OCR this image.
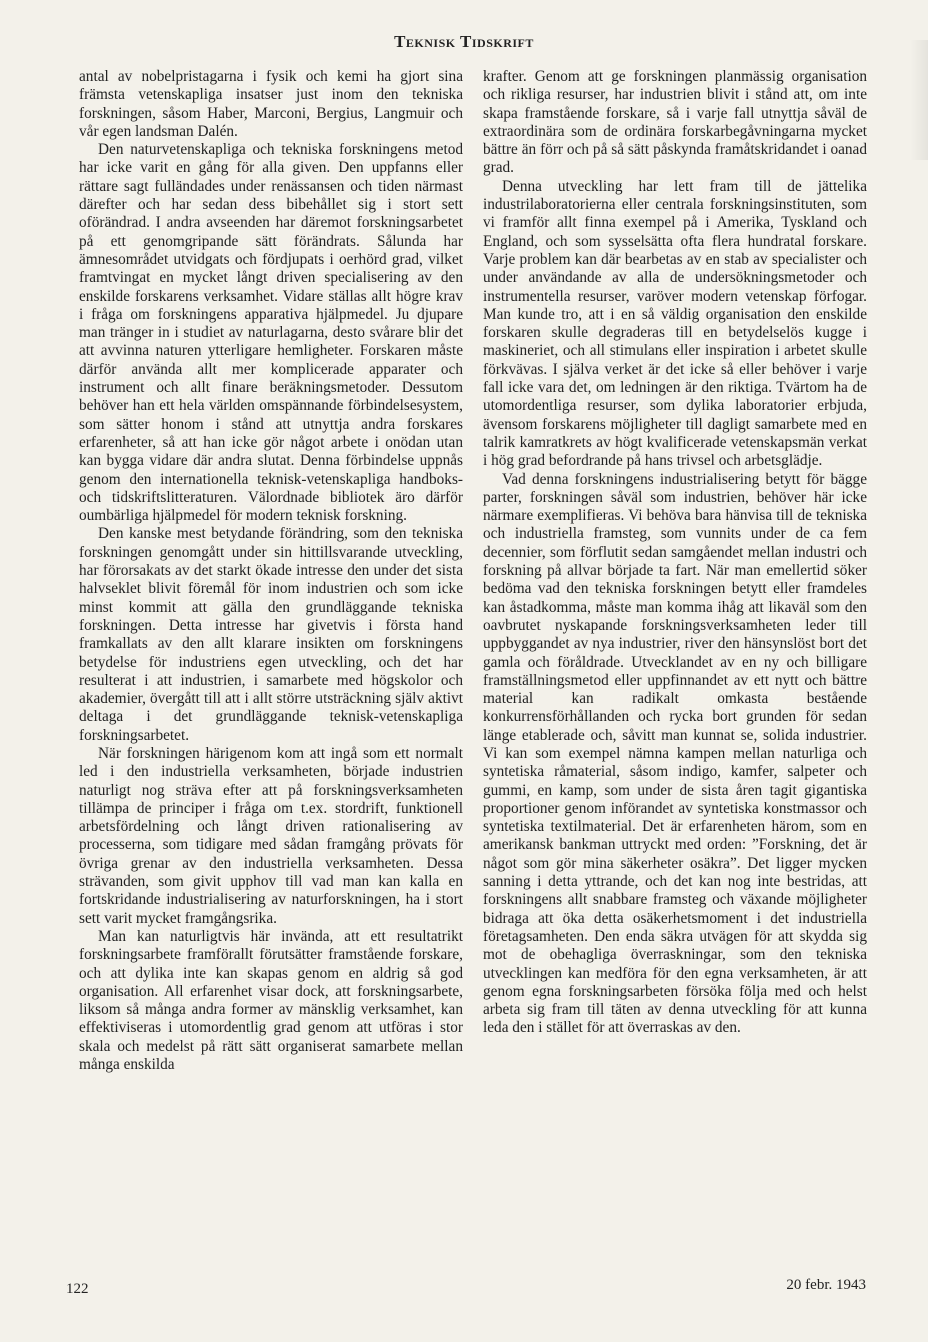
Teknisk Tidskrift

antal av nobelpristagarna i fysik och kemi ha gjort sina främsta vetenskapliga insatser just inom den tekniska forskningen, såsom Haber, Marconi, Bergius, Langmuir och vår egen landsman Dalén.

Den naturvetenskapliga och tekniska forskningens metod har icke varit en gång för alla given. Den uppfanns eller rättare sagt fulländades under renässansen och tiden närmast därefter och har sedan dess bibehållet sig i stort sett oförändrad. I andra avseenden har däremot forskningsarbetet på ett genomgripande sätt förändrats. Sålunda har ämnesområdet utvidgats och fördjupats i oerhörd grad, vilket framtvingat en mycket långt driven specialisering av den enskilde forskarens verksamhet. Vidare ställas allt högre krav i fråga om forskningens apparativa hjälpmedel. Ju djupare man tränger in i studiet av naturlagarna, desto svårare blir det att avvinna naturen ytterligare hemligheter. Forskaren måste därför använda allt mer komplicerade apparater och instrument och allt finare beräkningsmetoder. Dessutom behöver han ett hela världen omspännande förbindelsesystem, som sätter honom i stånd att utnyttja andra forskares erfarenheter, så att han icke gör något arbete i onödan utan kan bygga vidare där andra slutat. Denna förbindelse uppnås genom den internationella teknisk-vetenskapliga handboks- och tidskriftslitteraturen. Välordnade bibliotek äro därför oumbärliga hjälpmedel för modern teknisk forskning.

Den kanske mest betydande förändring, som den tekniska forskningen genomgått under sin hittillsvarande utveckling, har förorsakats av det starkt ökade intresse den under det sista halvseklet blivit föremål för inom industrien och som icke minst kommit att gälla den grundläggande tekniska forskningen. Detta intresse har givetvis i första hand framkallats av den allt klarare insikten om forskningens betydelse för industriens egen utveckling, och det har resulterat i att industrien, i samarbete med högskolor och akademier, övergått till att i allt större utsträckning själv aktivt deltaga i det grundläggande teknisk-vetenskapliga forskningsarbetet.

När forskningen härigenom kom att ingå som ett normalt led i den industriella verksamheten, började industrien naturligt nog sträva efter att på forskningsverksamheten tillämpa de principer i fråga om t.ex. stordrift, funktionell arbetsfördelning och långt driven rationalisering av processerna, som tidigare med sådan framgång prövats för övriga grenar av den industriella verksamheten. Dessa strävanden, som givit upphov till vad man kan kalla en fortskridande industrialisering av naturforskningen, ha i stort sett varit mycket framgångsrika.

Man kan naturligtvis här invända, att ett resultatrikt forskningsarbete framförallt förutsätter framstående forskare, och att dylika inte kan skapas genom en aldrig så god organisation. All erfarenhet visar dock, att forskningsarbete, liksom så många andra former av mänsklig verksamhet, kan effektiviseras i utomordentlig grad genom att utföras i stor skala och medelst på rätt sätt organiserat samarbete mellan många enskilda

krafter. Genom att ge forskningen planmässig organisation och rikliga resurser, har industrien blivit i stånd att, om inte skapa framstående forskare, så i varje fall utnyttja såväl de extraordinära som de ordinära forskarbegåvningarna mycket bättre än förr och på så sätt påskynda framåtskridandet i oanad grad.

Denna utveckling har lett fram till de jättelika industrilaboratorierna eller centrala forskningsinstituten, som vi framför allt finna exempel på i Amerika, Tyskland och England, och som sysselsätta ofta flera hundratal forskare. Varje problem kan där bearbetas av en stab av specialister och under användande av alla de undersökningsmetoder och instrumentella resurser, varöver modern vetenskap förfogar. Man kunde tro, att i en så väldig organisation den enskilde forskaren skulle degraderas till en betydelselös kugge i maskineriet, och all stimulans eller inspiration i arbetet skulle förkvävas. I själva verket är det icke så eller behöver i varje fall icke vara det, om ledningen är den riktiga. Tvärtom ha de utomordentliga resurser, som dylika laboratorier erbjuda, ävensom forskarens möjligheter till dagligt samarbete med en talrik kamratkrets av högt kvalificerade vetenskapsmän verkat i hög grad befordrande på hans trivsel och arbetsglädje.

Vad denna forskningens industrialisering betytt för bägge parter, forskningen såväl som industrien, behöver här icke närmare exemplifieras. Vi behöva bara hänvisa till de tekniska och industriella framsteg, som vunnits under de ca fem decennier, som förflutit sedan samgåendet mellan industri och forskning på allvar började ta fart. När man emellertid söker bedöma vad den tekniska forskningen betytt eller framdeles kan åstadkomma, måste man komma ihåg att likaväl som den oavbrutet nyskapande forskningsverksamheten leder till uppbyggandet av nya industrier, river den hänsynslöst bort det gamla och föråldrade. Utvecklandet av en ny och billigare framställningsmetod eller uppfinnandet av ett nytt och bättre material kan radikalt omkasta bestående konkurrensförhållanden och rycka bort grunden för sedan länge etablerade och, såvitt man kunnat se, solida industrier. Vi kan som exempel nämna kampen mellan naturliga och syntetiska råmaterial, såsom indigo, kamfer, salpeter och gummi, en kamp, som under de sista åren tagit gigantiska proportioner genom införandet av syntetiska konstmassor och syntetiska textilmaterial. Det är erfarenheten härom, som en amerikansk bankman uttryckt med orden: ”Forskning, det är något som gör mina säkerheter osäkra”. Det ligger mycken sanning i detta yttrande, och det kan nog inte bestridas, att forskningens allt snabbare framsteg och växande möjligheter bidraga att öka detta osäkerhetsmoment i det industriella företagsamheten. Den enda säkra utvägen för att skydda sig mot de obehagliga överraskningar, som den tekniska utvecklingen kan medföra för den egna verksamheten, är att genom egna forskningsarbeten försöka följa med och helst arbeta sig fram till täten av denna utveckling för att kunna leda den i stället för att överraskas av den.

122	20 febr. 1943
